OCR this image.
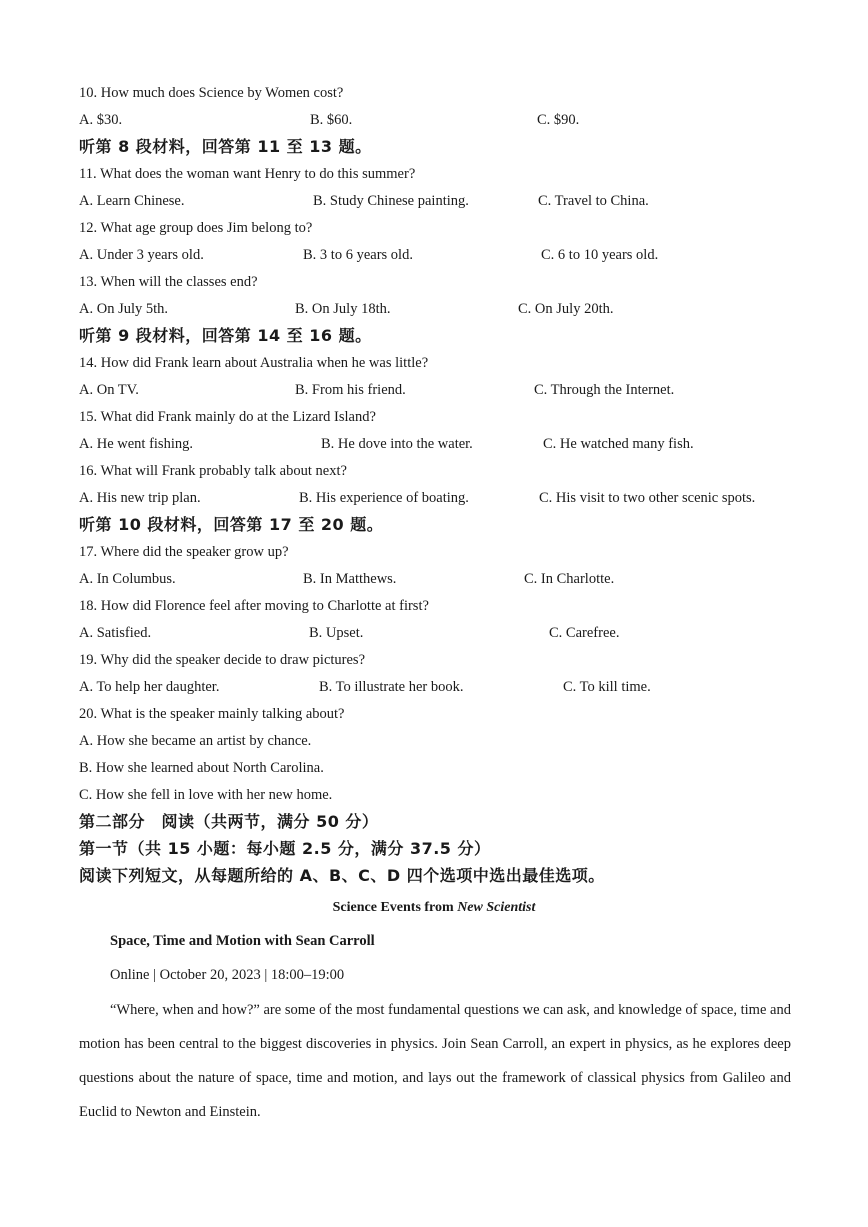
10. How much does Science by Women cost?
A. $30.	B. $60.	C. $90.
听第 8 段材料，回答第 11 至 13 题。
11. What does the woman want Henry to do this summer?
A. Learn Chinese.	B. Study Chinese painting.	C. Travel to China.
12. What age group does Jim belong to?
A. Under 3 years old.	B. 3 to 6 years old.	C. 6 to 10 years old.
13. When will the classes end?
A. On July 5th.	B. On July 18th.	C. On July 20th.
听第 9 段材料，回答第 14 至 16 题。
14. How did Frank learn about Australia when he was little?
A. On TV.	B. From his friend.	C. Through the Internet.
15. What did Frank mainly do at the Lizard Island?
A. He went fishing.	B. He dove into the water.	C. He watched many fish.
16. What will Frank probably talk about next?
A. His new trip plan.	B. His experience of boating.	C. His visit to two other scenic spots.
听第 10 段材料，回答第 17 至 20 题。
17. Where did the speaker grow up?
A. In Columbus.	B. In Matthews.	C. In Charlotte.
18. How did Florence feel after moving to Charlotte at first?
A. Satisfied.	B. Upset.	C. Carefree.
19. Why did the speaker decide to draw pictures?
A. To help her daughter.	B. To illustrate her book.	C. To kill time.
20. What is the speaker mainly talking about?
A. How she became an artist by chance.
B. How she learned about North Carolina.
C. How she fell in love with her new home.
第二部分　阅读（共两节，满分 50 分）
第一节（共 15 小题：每小题 2.5 分，满分 37.5 分）
阅读下列短文，从每题所给的 A、B、C、D 四个选项中选出最佳选项。
Science Events from New Scientist
Space, Time and Motion with Sean Carroll
Online | October 20, 2023 | 18:00–19:00
“Where, when and how?” are some of the most fundamental questions we can ask, and knowledge of space, time and motion has been central to the biggest discoveries in physics. Join Sean Carroll, an expert in physics, as he explores deep questions about the nature of space, time and motion, and lays out the framework of classical physics from Galileo and Euclid to Newton and Einstein.
